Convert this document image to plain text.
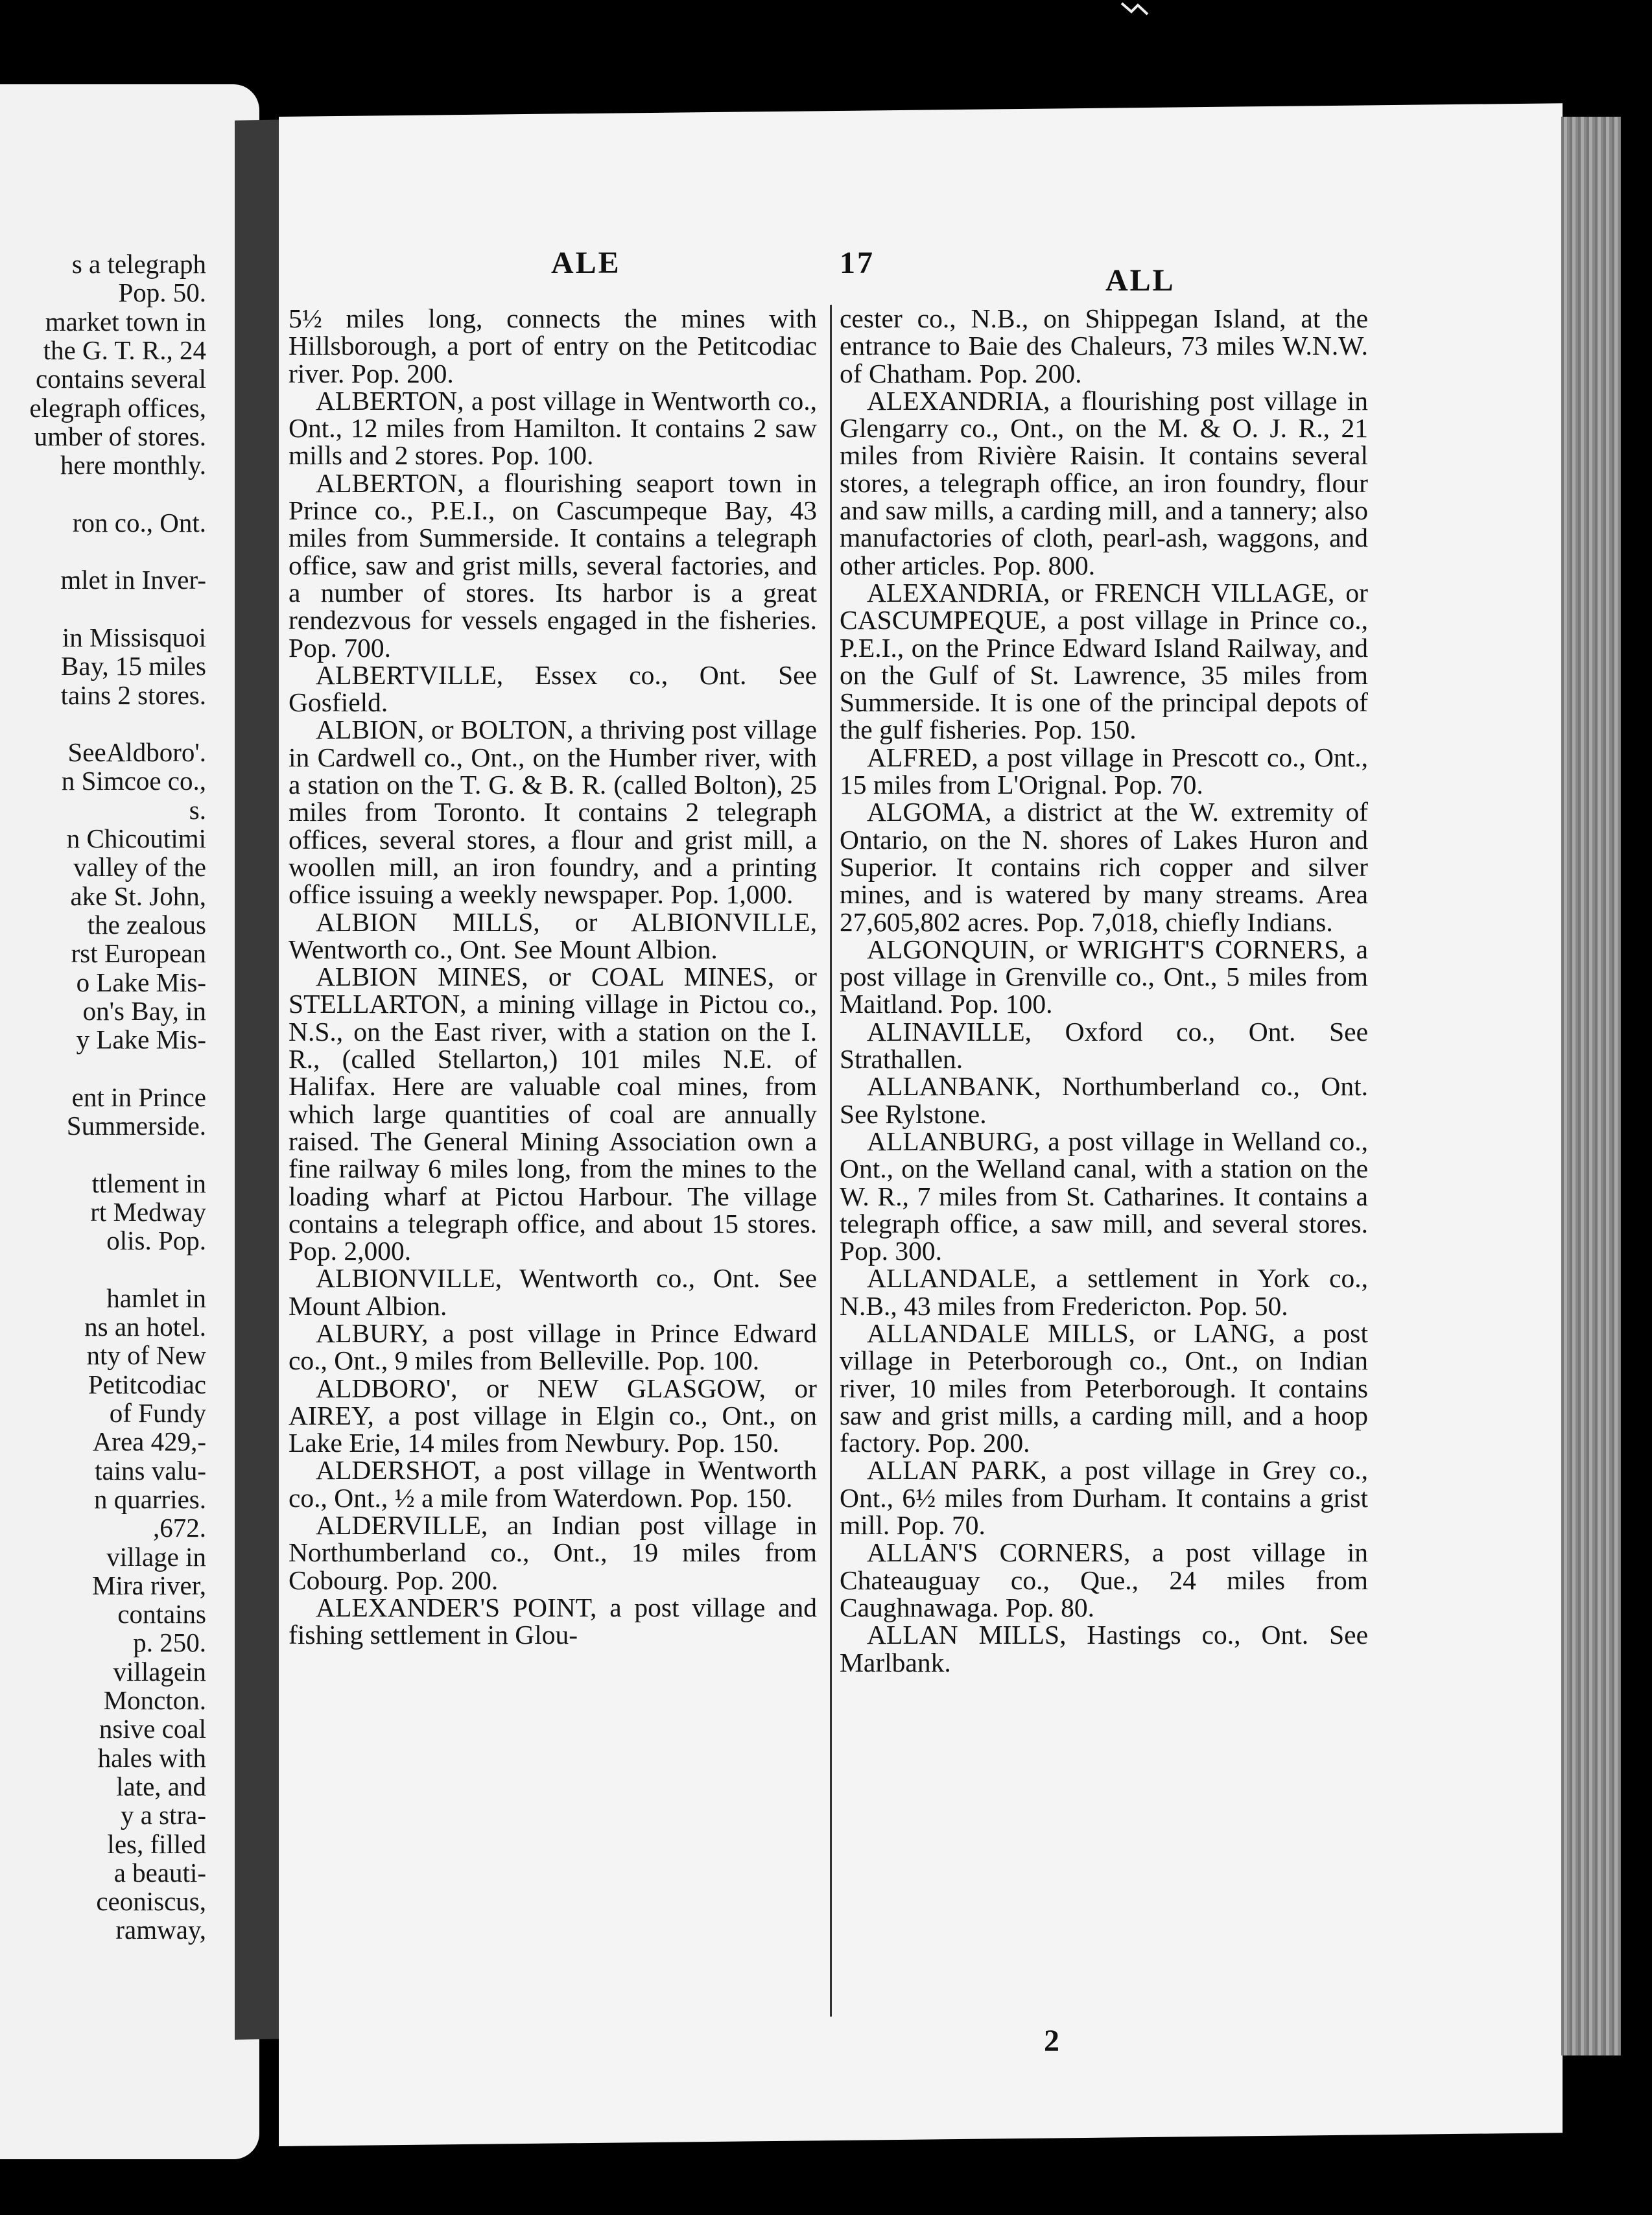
s a telegraph
Pop. 50.
market town in
the G. T. R., 24
contains several
elegraph offices,
umber of stores.
here monthly.
ron co., Ont.
mlet in Inver-
in Missisquoi
Bay, 15 miles
tains 2 stores.
SeeAldboro'.
n Simcoe co.,
s.
n Chicoutimi
valley of the
ake St. John,
the zealous
rst European
o Lake Mis-
on's Bay, in
y Lake Mis-
ent in Prince
Summerside.
ttlement in
rt Medway
olis. Pop.
hamlet in
ns an hotel.
nty of New
Petitcodiac
of Fundy
Area 429,-
tains valu-
n quarries.
,672.
village in
Mira river,
contains
p. 250.
villagein
Moncton.
nsive coal
hales with
late, and
y a stra-
les, filled
a beauti-
ceoniscus,
ramway,
ALE	17
ALL

5½ miles long, connects the mines with Hillsborough, a port of entry on the Petitcodiac river. Pop. 200.

ALBERTON, a post village in Wentworth co., Ont., 12 miles from Hamilton. It contains 2 saw mills and 2 stores. Pop. 100.

ALBERTON, a flourishing seaport town in Prince co., P.E.I., on Cascumpeque Bay, 43 miles from Summerside. It contains a telegraph office, saw and grist mills, several factories, and a number of stores. Its harbor is a great rendezvous for vessels engaged in the fisheries. Pop. 700.

ALBERTVILLE, Essex co., Ont. See Gosfield.

ALBION, or BOLTON, a thriving post village in Cardwell co., Ont., on the Humber river, with a station on the T. G. & B. R. (called Bolton), 25 miles from Toronto. It contains 2 telegraph offices, several stores, a flour and grist mill, a woollen mill, an iron foundry, and a printing office issuing a weekly newspaper. Pop. 1,000.

ALBION MILLS, or ALBIONVILLE, Wentworth co., Ont. See Mount Albion.

ALBION MINES, or COAL MINES, or STELLARTON, a mining village in Pictou co., N.S., on the East river, with a station on the I. R., (called Stellarton,) 101 miles N.E. of Halifax. Here are valuable coal mines, from which large quantities of coal are annually raised. The General Mining Association own a fine railway 6 miles long, from the mines to the loading wharf at Pictou Harbour. The village contains a telegraph office, and about 15 stores. Pop. 2,000.

ALBIONVILLE, Wentworth co., Ont. See Mount Albion.

ALBURY, a post village in Prince Edward co., Ont., 9 miles from Belleville. Pop. 100.

ALDBORO', or NEW GLASGOW, or AIREY, a post village in Elgin co., Ont., on Lake Erie, 14 miles from Newbury. Pop. 150.

ALDERSHOT, a post village in Wentworth co., Ont., ½ a mile from Waterdown. Pop. 150.

ALDERVILLE, an Indian post village in Northumberland co., Ont., 19 miles from Cobourg. Pop. 200.

ALEXANDER'S POINT, a post village and fishing settlement in Glou-

cester co., N.B., on Shippegan Island, at the entrance to Baie des Chaleurs, 73 miles W.N.W. of Chatham. Pop. 200.

ALEXANDRIA, a flourishing post village in Glengarry co., Ont., on the M. & O. J. R., 21 miles from Rivière Raisin. It contains several stores, a telegraph office, an iron foundry, flour and saw mills, a carding mill, and a tannery; also manufactories of cloth, pearl-ash, waggons, and other articles. Pop. 800.

ALEXANDRIA, or FRENCH VILLAGE, or CASCUMPEQUE, a post village in Prince co., P.E.I., on the Prince Edward Island Railway, and on the Gulf of St. Lawrence, 35 miles from Summerside. It is one of the principal depots of the gulf fisheries. Pop. 150.

ALFRED, a post village in Prescott co., Ont., 15 miles from L'Orignal. Pop. 70.

ALGOMA, a district at the W. extremity of Ontario, on the N. shores of Lakes Huron and Superior. It contains rich copper and silver mines, and is watered by many streams. Area 27,605,802 acres. Pop. 7,018, chiefly Indians.

ALGONQUIN, or WRIGHT'S CORNERS, a post village in Grenville co., Ont., 5 miles from Maitland. Pop. 100.

ALINAVILLE, Oxford co., Ont. See Strathallen.

ALLANBANK, Northumberland co., Ont. See Rylstone.

ALLANBURG, a post village in Welland co., Ont., on the Welland canal, with a station on the W. R., 7 miles from St. Catharines. It contains a telegraph office, a saw mill, and several stores. Pop. 300.

ALLANDALE, a settlement in York co., N.B., 43 miles from Fredericton. Pop. 50.

ALLANDALE MILLS, or LANG, a post village in Peterborough co., Ont., on Indian river, 10 miles from Peterborough. It contains saw and grist mills, a carding mill, and a hoop factory. Pop. 200.

ALLAN PARK, a post village in Grey co., Ont., 6½ miles from Durham. It contains a grist mill. Pop. 70.

ALLAN'S CORNERS, a post village in Chateauguay co., Que., 24 miles from Caughnawaga. Pop. 80.

ALLAN MILLS, Hastings co., Ont. See Marlbank.

2
